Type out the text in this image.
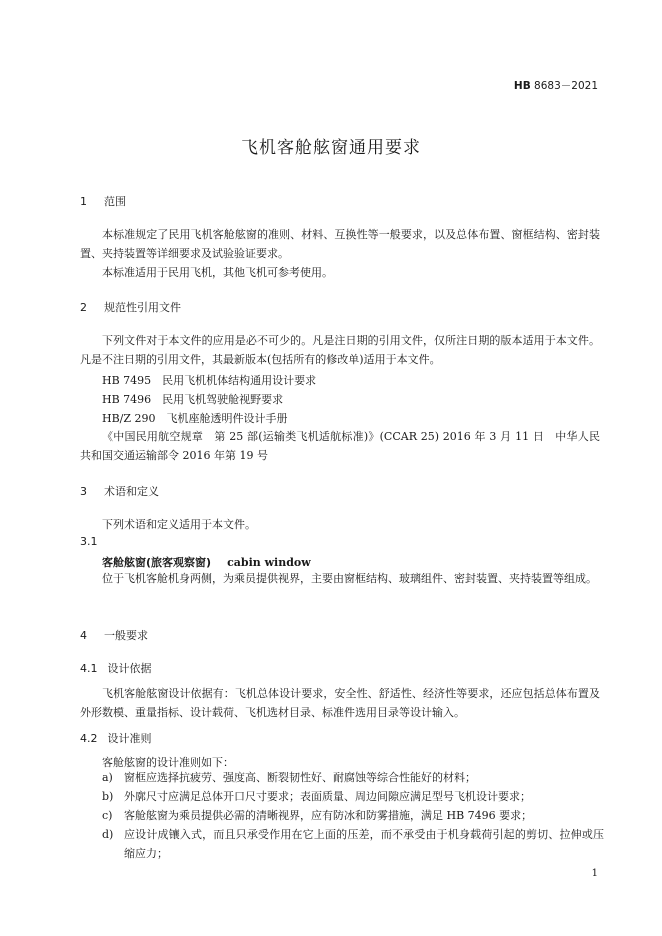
HB 8683－2021
飞机客舱舷窗通用要求
1 范围
本标准规定了民用飞机客舱舷窗的准则、材料、互换性等一般要求，以及总体布置、窗框结构、密封装置、夹持装置等详细要求及试验验证要求。
本标准适用于民用飞机，其他飞机可参考使用。
2 规范性引用文件
下列文件对于本文件的应用是必不可少的。凡是注日期的引用文件，仅所注日期的版本适用于本文件。凡是不注日期的引用文件，其最新版本(包括所有的修改单)适用于本文件。
HB 7495　民用飞机机体结构通用设计要求
HB 7496　民用飞机驾驶舱视野要求
HB/Z 290　飞机座舱透明件设计手册
《中国民用航空规章　第 25 部(运输类飞机适航标准)》(CCAR 25) 2016 年 3 月 11 日　中华人民共和国交通运输部令 2016 年第 19 号
3 术语和定义
下列术语和定义适用于本文件。
3.1
客舱舷窗(旅客观察窗) cabin window
位于飞机客舱机身两侧，为乘员提供视界，主要由窗框结构、玻璃组件、密封装置、夹持装置等组成。
4 一般要求
4.1 设计依据
飞机客舱舷窗设计依据有：飞机总体设计要求，安全性、舒适性、经济性等要求，还应包括总体布置及外形数模、重量指标、设计载荷、飞机选材目录、标准件选用目录等设计输入。
4.2 设计准则
客舱舷窗的设计准则如下：
a) 窗框应选择抗疲劳、强度高、断裂韧性好、耐腐蚀等综合性能好的材料；
b) 外廓尺寸应满足总体开口尺寸要求；表面质量、周边间隙应满足型号飞机设计要求；
c) 客舱舷窗为乘员提供必需的清晰视界，应有防冰和防雾措施，满足 HB 7496 要求；
d) 应设计成镶入式，而且只承受作用在它上面的压差，而不承受由于机身载荷引起的剪切、拉伸或压缩应力；
1
